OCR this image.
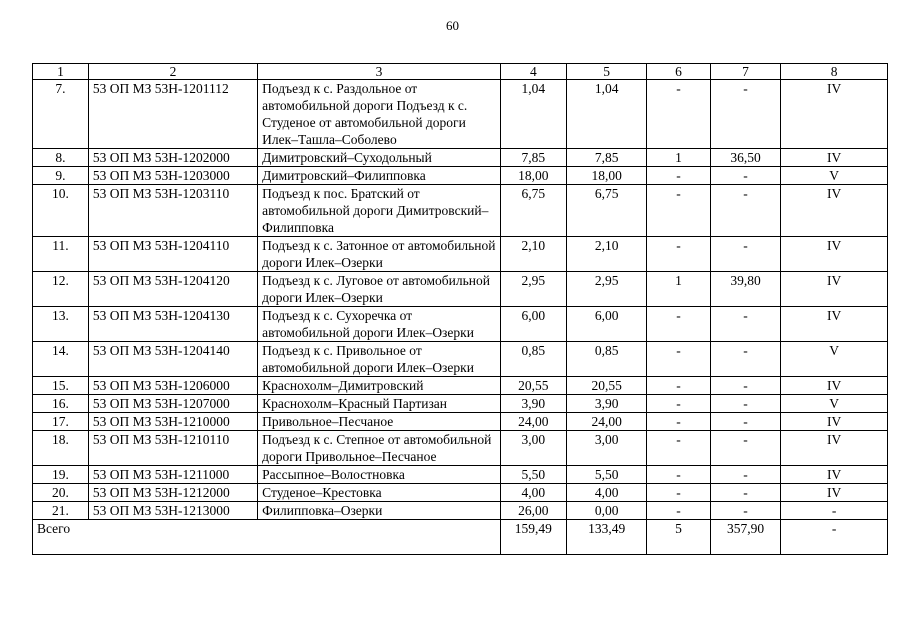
60
1	2	3	4	5	6	7	8
7.	53 ОП МЗ 53Н-1201112	Подъезд к с. Раздольное от автомобильной дороги Подъезд к с. Студеное от автомобильной дороги Илек–Ташла–Соболево	1,04	1,04	-	-	IV
8.	53 ОП МЗ 53Н-1202000	Димитровский–Суходольный	7,85	7,85	1	36,50	IV
9.	53 ОП МЗ 53Н-1203000	Димитровский–Филипповка	18,00	18,00	-	-	V
10.	53 ОП МЗ 53Н-1203110	Подъезд к пос. Братский от автомобильной дороги Димитровский–Филипповка	6,75	6,75	-	-	IV
11.	53 ОП МЗ 53Н-1204110	Подъезд к с. Затонное от автомобильной дороги Илек–Озерки	2,10	2,10	-	-	IV
12.	53 ОП МЗ 53Н-1204120	Подъезд к с. Луговое от автомобильной дороги Илек–Озерки	2,95	2,95	1	39,80	IV
13.	53 ОП МЗ 53Н-1204130	Подъезд к с. Сухоречка от автомобильной дороги Илек–Озерки	6,00	6,00	-	-	IV
14.	53 ОП МЗ 53Н-1204140	Подъезд к с. Привольное от автомобильной дороги Илек–Озерки	0,85	0,85	-	-	V
15.	53 ОП МЗ 53Н-1206000	Краснохолм–Димитровский	20,55	20,55	-	-	IV
16.	53 ОП МЗ 53Н-1207000	Краснохолм–Красный Партизан	3,90	3,90	-	-	V
17.	53 ОП МЗ 53Н-1210000	Привольное–Песчаное	24,00	24,00	-	-	IV
18.	53 ОП МЗ 53Н-1210110	Подъезд к с. Степное от автомобильной дороги Привольное–Песчаное	3,00	3,00	-	-	IV
19.	53 ОП МЗ 53Н-1211000	Рассыпное–Волостновка	5,50	5,50	-	-	IV
20.	53 ОП МЗ 53Н-1212000	Студеное–Крестовка	4,00	4,00	-	-	IV
21.	53 ОП МЗ 53Н-1213000	Филипповка–Озерки	26,00	0,00	-	-	-
Всего			159,49	133,49	5	357,90	-
